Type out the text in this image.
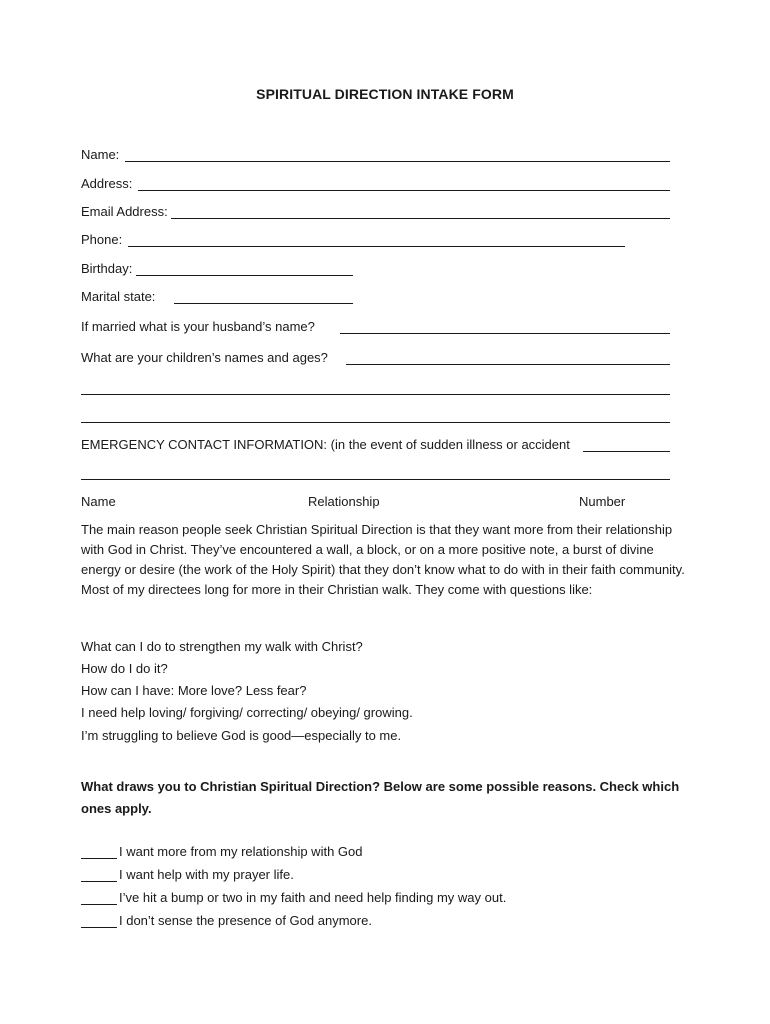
SPIRITUAL DIRECTION INTAKE FORM
Name:
Address:
Email Address:
Phone:
Birthday:
Marital state:
If married what is your husband’s name?
What are your children’s names and ages?
EMERGENCY CONTACT INFORMATION: (in the event of sudden illness or accident
Name	Relationship	Number
The main reason people seek Christian Spiritual Direction is that they want more from their relationship with God in Christ. They’ve encountered a wall, a block, or on a more positive note, a burst of divine energy or desire (the work of the Holy Spirit) that they don’t know what to do with in their faith community. Most of my directees long for more in their Christian walk. They come with questions like:
What can I do to strengthen my walk with Christ?
How do I do it?
How can I have: More love? Less fear?
I need help loving/ forgiving/ correcting/ obeying/ growing.
I’m struggling to believe God is good—especially to me.
What draws you to Christian Spiritual Direction? Below are some possible reasons. Check which ones apply.
I want more from my relationship with God
I want help with my prayer life.
I’ve hit a bump or two in my faith and need help finding my way out.
I don’t sense the presence of God anymore.
